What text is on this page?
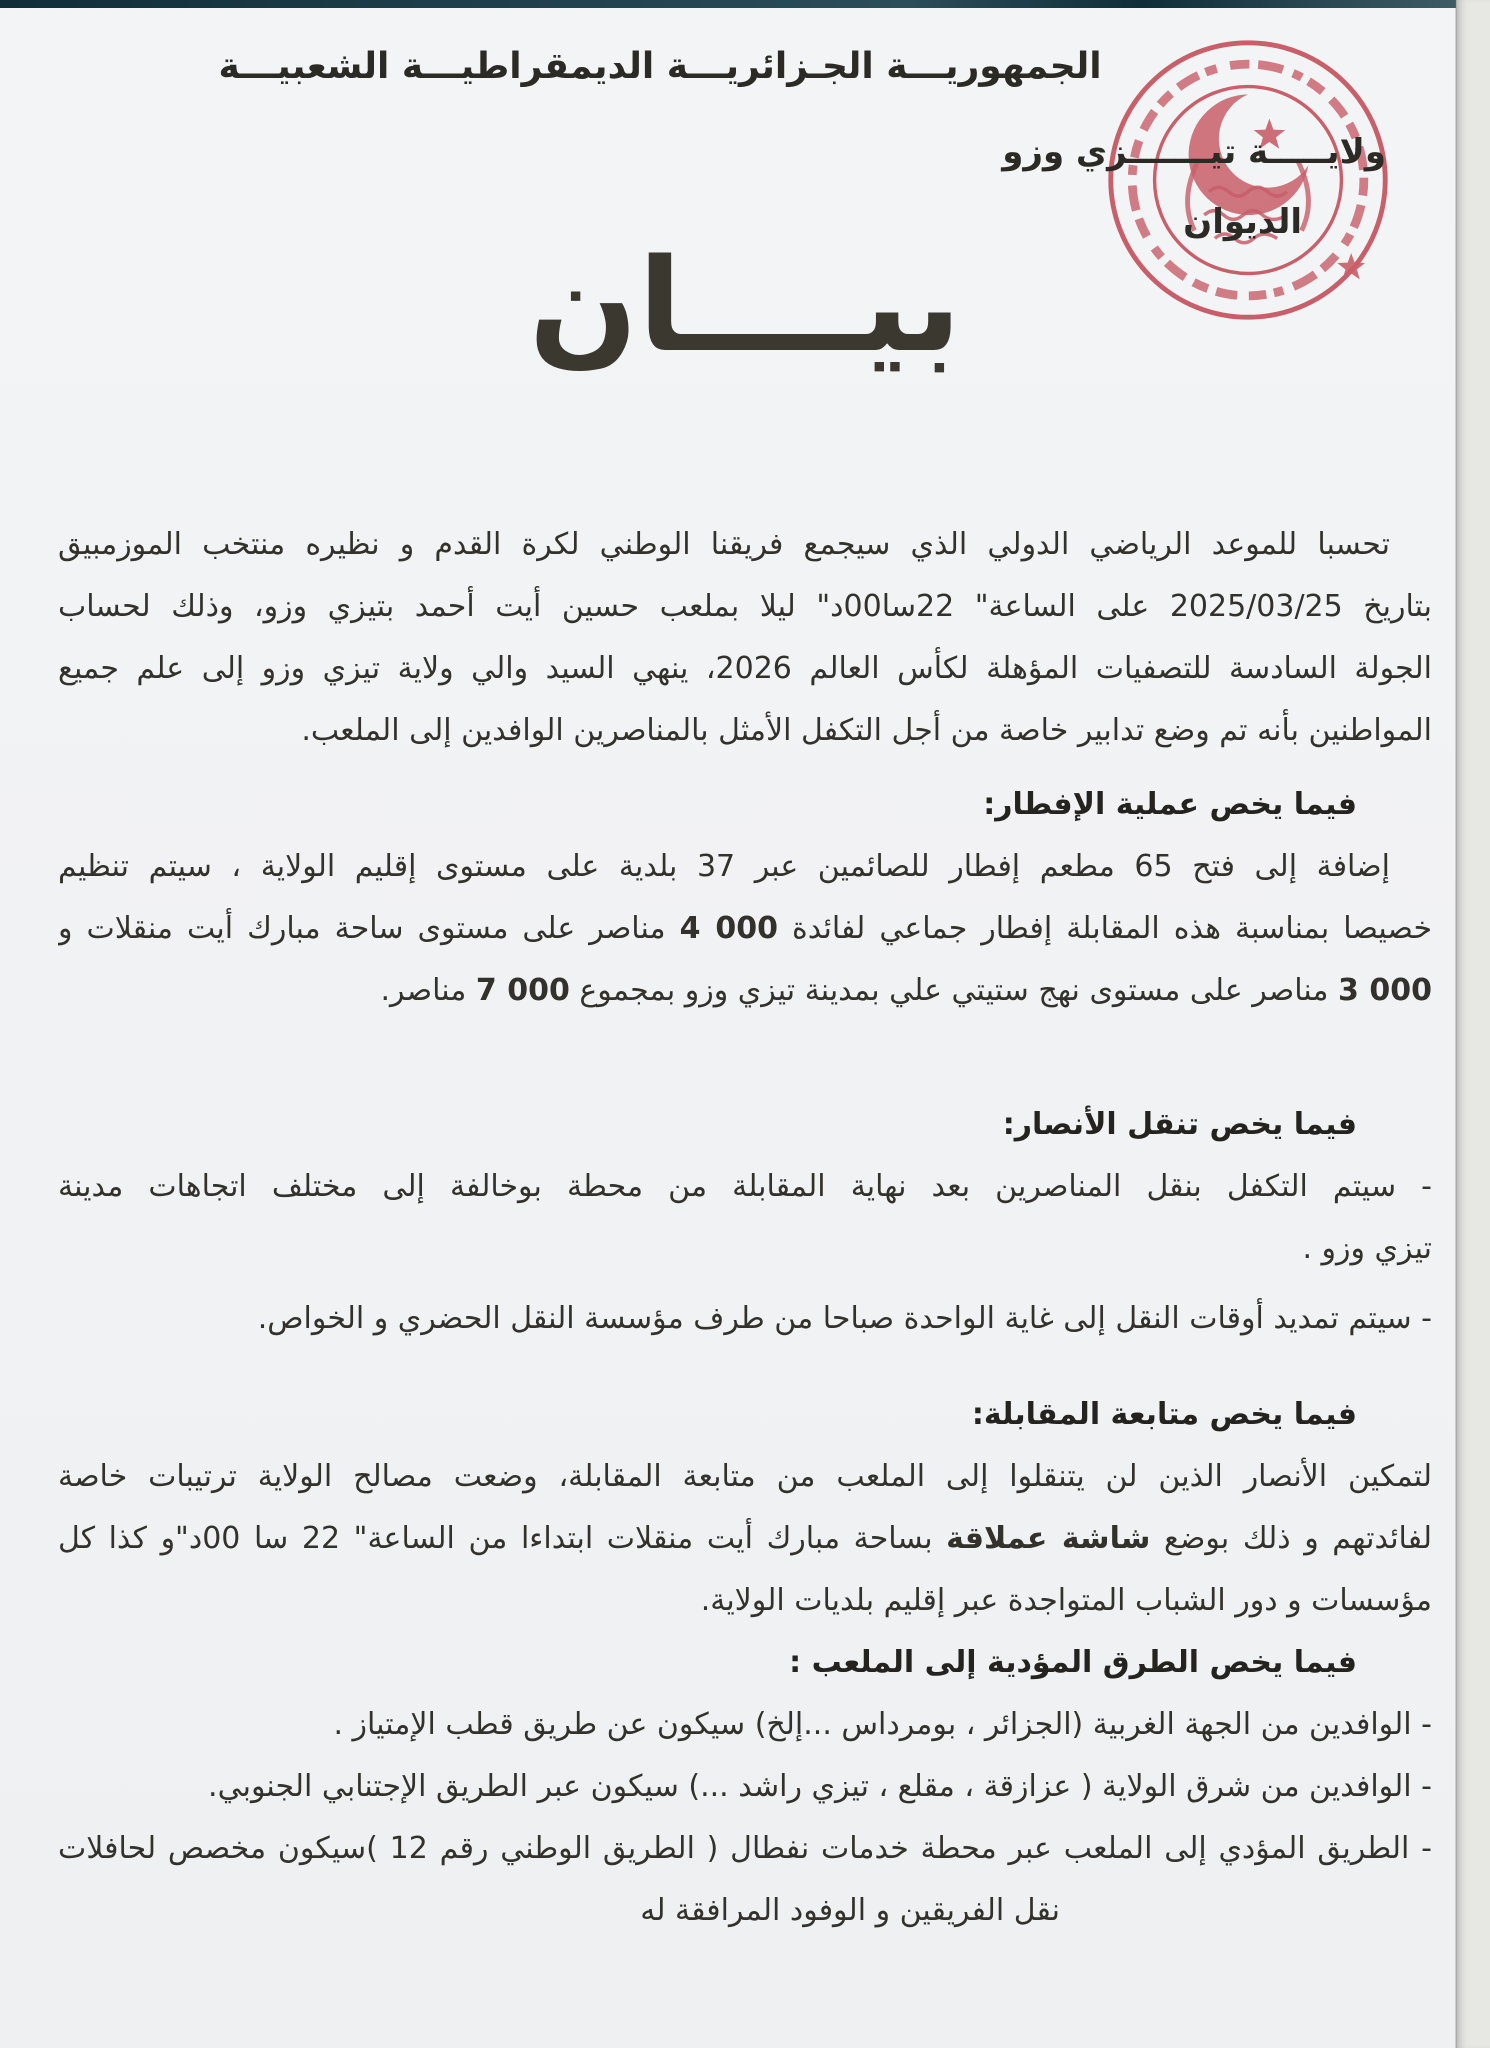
الجمهوريـــة الجـزائريـــة الديمقراطيـــة الشعبيـــة
ولايـــــة تيـــــــزي وزو
الديوان
بيــــان
تحسبا للموعد الرياضي الدولي الذي سيجمع فريقنا الوطني لكرة القدم و نظيره منتخب الموزمبيق
بتاريخ 2025/03/25 على الساعة" 22سا00د" ليلا بملعب حسين أيت أحمد بتيزي وزو، وذلك لحساب
الجولة السادسة للتصفيات المؤهلة لكأس العالم 2026، ينهي السيد والي ولاية تيزي وزو إلى علم جميع
المواطنين بأنه تم وضع تدابير خاصة من أجل التكفل الأمثل بالمناصرين الوافدين إلى الملعب.
فيما يخص عملية الإفطار:
إضافة إلى فتح 65 مطعم إفطار للصائمين عبر 37 بلدية على مستوى إقليم الولاية ، سيتم تنظيم
خصيصا بمناسبة هذه المقابلة إفطار جماعي لفائدة 4 000 مناصر على مستوى ساحة مبارك أيت منقلات و
3 000 مناصر على مستوى نهج ستيتي علي بمدينة تيزي وزو بمجموع 7 000 مناصر.
فيما يخص تنقل الأنصار:
- سيتم التكفل بنقل المناصرين بعد نهاية المقابلة من محطة بوخالفة إلى مختلف اتجاهات مدينة
تيزي وزو .
- سيتم تمديد أوقات النقل إلى غاية الواحدة صباحا من طرف مؤسسة النقل الحضري و الخواص.
فيما يخص متابعة المقابلة:
لتمكين الأنصار الذين لن يتنقلوا إلى الملعب من متابعة المقابلة، وضعت مصالح الولاية ترتيبات خاصة
لفائدتهم و ذلك بوضع شاشة عملاقة بساحة مبارك أيت منقلات ابتداءا من الساعة" 22 سا 00د"و كذا كل
مؤسسات و دور الشباب المتواجدة عبر إقليم بلديات الولاية.
فيما يخص الطرق المؤدية إلى الملعب :
- الوافدين من الجهة الغربية (الجزائر ، بومرداس ...إلخ) سيكون عن طريق قطب الإمتياز .
- الوافدين من شرق الولاية ( عزازقة ، مقلع ، تيزي راشد ...) سيكون عبر الطريق الإجتنابي الجنوبي.
- الطريق المؤدي إلى الملعب عبر محطة خدمات نفطال ( الطريق الوطني رقم 12 )سيكون مخصص لحافلات
نقل الفريقين و الوفود المرافقة له
